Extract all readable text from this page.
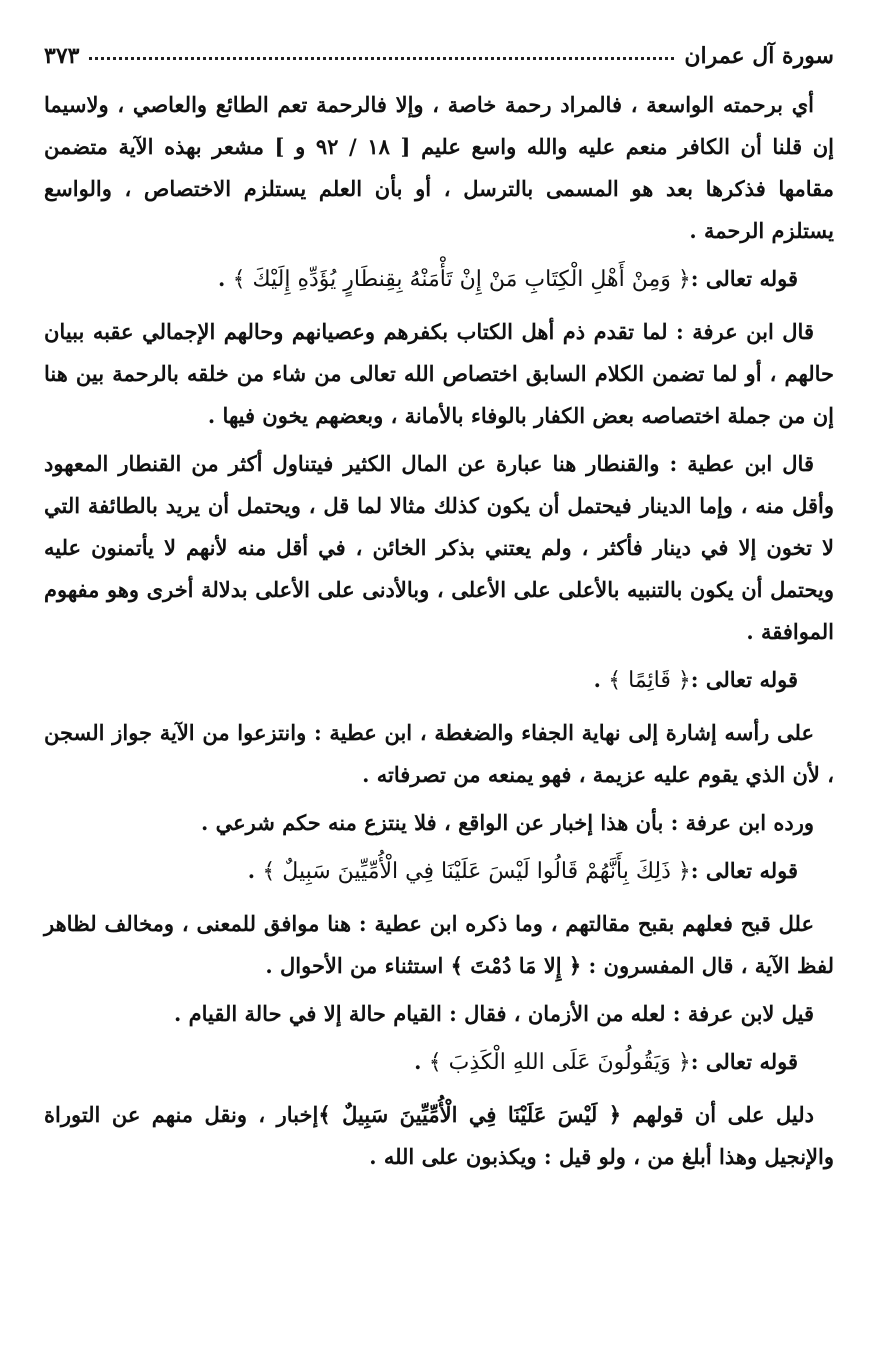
سورة آل عمران
٣٧٣

أي برحمته الواسعة ، فالمراد رحمة خاصة ، وإلا فالرحمة تعم الطائع والعاصي ، ولاسيما إن قلنا أن الكافر منعم عليه والله واسع عليم [ ١٨ / ٩٢ و ] مشعر بهذه الآية متضمن مقامها فذكرها بعد هو المسمى بالترسل ، أو بأن العلم يستلزم الاختصاص ، والواسع يستلزم الرحمة .

قوله تعالى :﴿ وَمِنْ أَهْلِ الْكِتَابِ مَنْ إِنْ تَأْمَنْهُ بِقِنطَارٍ يُؤَدِّهِ إِلَيْكَ ﴾ .

قال ابن عرفة : لما تقدم ذم أهل الكتاب بكفرهم وعصيانهم وحالهم الإجمالي عقبه ببيان حالهم ، أو لما تضمن الكلام السابق اختصاص الله تعالى من شاء من خلقه بالرحمة بين هنا إن من جملة اختصاصه بعض الكفار بالوفاء بالأمانة ، وبعضهم يخون فيها .

قال ابن عطية : والقنطار هنا عبارة عن المال الكثير فيتناول أكثر من القنطار المعهود وأقل منه ، وإما الدينار فيحتمل أن يكون كذلك مثالا لما قل ، ويحتمل أن يريد بالطائفة التي لا تخون إلا في دينار فأكثر ، ولم يعتني بذكر الخائن ، في أقل منه لأنهم لا يأتمنون عليه ويحتمل أن يكون بالتنبيه بالأعلى على الأعلى ، وبالأدنى على الأعلى بدلالة أخرى وهو مفهوم الموافقة .

قوله تعالى :﴿ قَائِمًا ﴾ .

على رأسه إشارة إلى نهاية الجفاء والضغطة ، ابن عطية : وانتزعوا من الآية جواز السجن ، لأن الذي يقوم عليه عزيمة ، فهو يمنعه من تصرفاته .

ورده ابن عرفة : بأن هذا إخبار عن الواقع ، فلا ينتزع منه حكم شرعي .

قوله تعالى :﴿ ذَلِكَ بِأَنَّهُمْ قَالُوا لَيْسَ عَلَيْنَا فِي الْأُمِّيِّينَ سَبِيلٌ ﴾ .

علل قبح فعلهم بقبح مقالتهم ، وما ذكره ابن عطية : هنا موافق للمعنى ، ومخالف لظاهر لفظ الآية ، قال المفسرون : ﴿ إِلا مَا دُمْتَ ﴾ استثناء من الأحوال .

قيل لابن عرفة : لعله من الأزمان ، فقال : القيام حالة إلا في حالة القيام .

قوله تعالى :﴿ وَيَقُولُونَ عَلَى اللهِ الْكَذِبَ ﴾ .

دليل على أن قولهم ﴿ لَيْسَ عَلَيْنَا فِي الْأُمِّيِّينَ سَبِيلٌ ﴾إخبار ، ونقل منهم عن التوراة والإنجيل وهذا أبلغ من ، ولو قيل : ويكذبون على الله .
